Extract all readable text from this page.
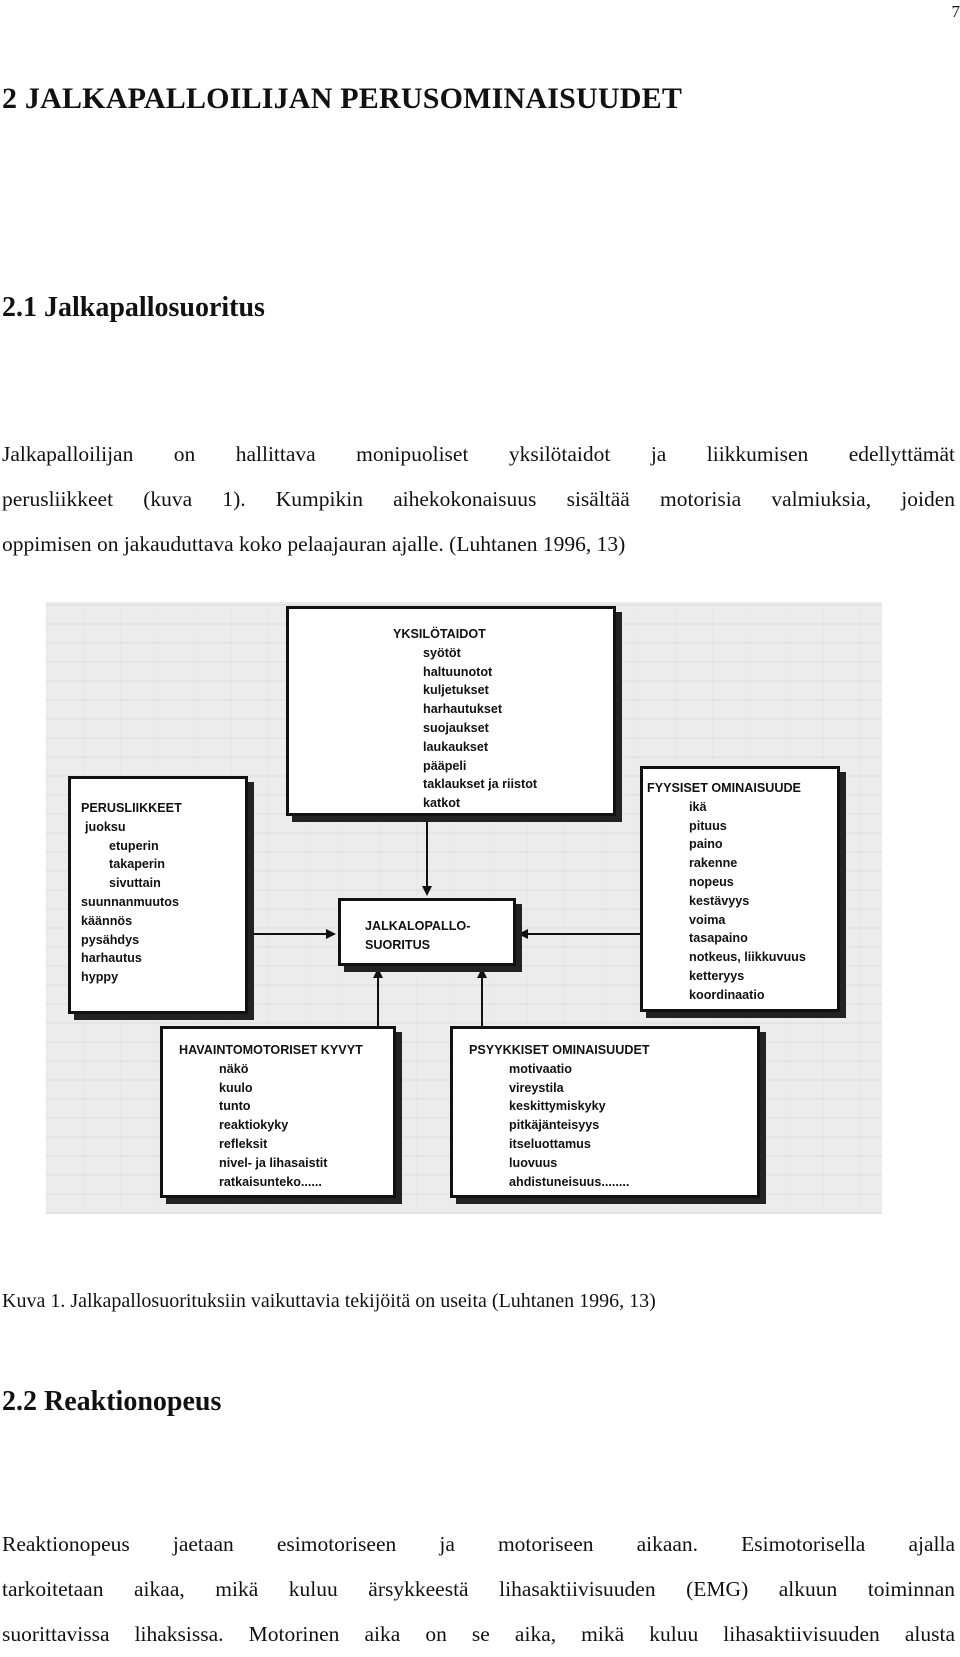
7
2 JALKAPALLOILIJAN PERUSOMINAISUUDET
2.1 Jalkapallosuoritus

Jalkapalloilijan on hallittava monipuoliset yksilötaidot ja liikkumisen edellyttämät
perusliikkeet (kuva 1). Kumpikin aihekokonaisuus sisältää motorisia valmiuksia, joiden
oppimisen on jakauduttava koko pelaajauran ajalle. (Luhtanen 1996, 13)

YKSILÖTAIDOT
syötöt
haltuunotot
kuljetukset
harhautukset
suojaukset
laukaukset
pääpeli
taklaukset ja riistot
katkot
PERUSLIIKKEET
juoksu
etuperin
takaperin
sivuttain
suunnanmuutos
käännös
pysähdys
harhautus
hyppy
FYYSISET OMINAISUUDE
ikä
pituus
paino
rakenne
nopeus
kestävyys
voima
tasapaino
notkeus, liikkuvuus
ketteryys
koordinaatio
JALKALOPALLO-
SUORITUS
HAVAINTOMOTORISET KYVYT
näkö
kuulo
tunto
reaktiokyky
refleksit
nivel- ja lihasaistit
ratkaisunteko......
PSYYKKISET OMINAISUUDET
motivaatio
vireystila
keskittymiskyky
pitkäjänteisyys
itseluottamus
luovuus
ahdistuneisuus........

Kuva 1. Jalkapallosuorituksiin vaikuttavia tekijöitä on useita (Luhtanen 1996, 13)

2.2 Reaktionopeus

Reaktionopeus jaetaan esimotoriseen ja motoriseen aikaan. Esimotorisella ajalla
tarkoitetaan aikaa, mikä kuluu ärsykkeestä lihasaktiivisuuden (EMG) alkuun toiminnan
suorittavissa lihaksissa. Motorinen aika on se aika, mikä kuluu lihasaktiivisuuden alusta
